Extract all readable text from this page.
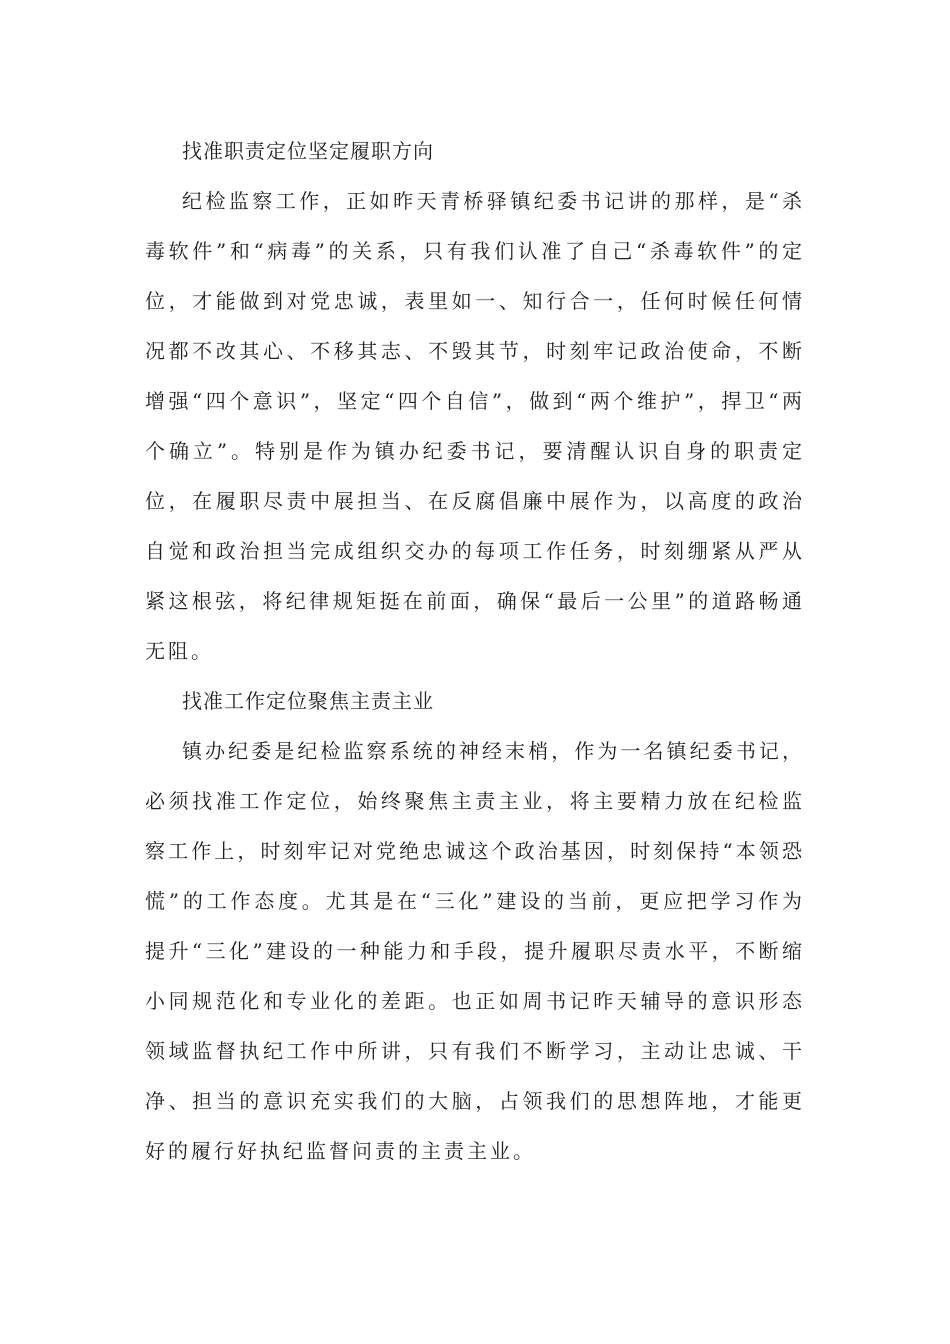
找准职责定位坚定履职方向

纪检监察工作，正如昨天青桥驿镇纪委书记讲的那样，是“杀毒软件”和“病毒”的关系，只有我们认准了自己“杀毒软件”的定位，才能做到对党忠诚，表里如一、知行合一，任何时候任何情况都不改其心、不移其志、不毁其节，时刻牢记政治使命，不断增强“四个意识”，坚定“四个自信”，做到“两个维护”，捍卫“两个确立”。特别是作为镇办纪委书记，要清醒认识自身的职责定位，在履职尽责中展担当、在反腐倡廉中展作为，以高度的政治自觉和政治担当完成组织交办的每项工作任务，时刻绷紧从严从紧这根弦，将纪律规矩挺在前面，确保“最后一公里”的道路畅通无阻。

找准工作定位聚焦主责主业

镇办纪委是纪检监察系统的神经末梢，作为一名镇纪委书记，必须找准工作定位，始终聚焦主责主业，将主要精力放在纪检监察工作上，时刻牢记对党绝忠诚这个政治基因，时刻保持“本领恐慌”的工作态度。尤其是在“三化”建设的当前，更应把学习作为提升“三化”建设的一种能力和手段，提升履职尽责水平，不断缩小同规范化和专业化的差距。也正如周书记昨天辅导的意识形态领域监督执纪工作中所讲，只有我们不断学习，主动让忠诚、干净、担当的意识充实我们的大脑，占领我们的思想阵地，才能更好的履行好执纪监督问责的主责主业。
